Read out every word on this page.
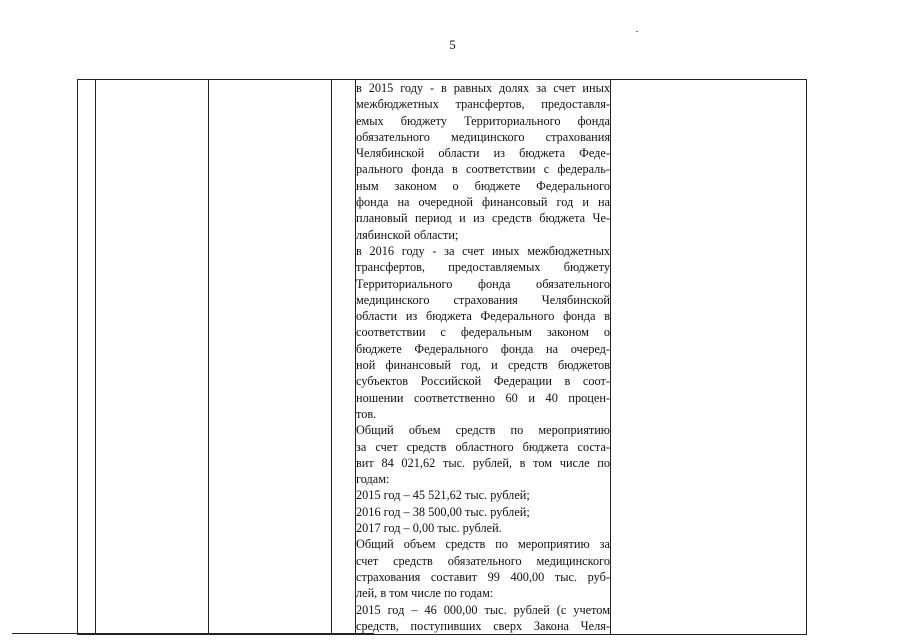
5

в 2015 году - в равных долях за счет иных
межбюджетных трансфертов, предоставля-
емых бюджету Территориального фонда
обязательного медицинского страхования
Челябинской области из бюджета Феде-
рального фонда в соответствии с федераль-
ным законом о бюджете Федерального
фонда на очередной финансовый год и на
плановый период и из средств бюджета Че-
лябинской области;
в 2016 году - за счет иных межбюджетных
трансфертов, предоставляемых бюджету
Территориального фонда обязательного
медицинского страхования Челябинской
области из бюджета Федерального фонда в
соответствии с федеральным законом о
бюджете Федерального фонда на очеред-
ной финансовый год, и средств бюджетов
субъектов Российской Федерации в соот-
ношении соответственно 60 и 40 процен-
тов.
Общий объем средств по мероприятию
за счет средств областного бюджета соста-
вит 84 021,62 тыс. рублей, в том числе по
годам:
2015 год – 45 521,62 тыс. рублей;
2016 год – 38 500,00 тыс. рублей;
2017 год – 0,00 тыс. рублей.
Общий объем средств по мероприятию за
счет средств обязательного медицинского
страхования составит 99 400,00 тыс. руб-
лей, в том числе по годам:
2015 год – 46 000,00 тыс. рублей (с учетом
средств, поступивших сверх Закона Челя-
